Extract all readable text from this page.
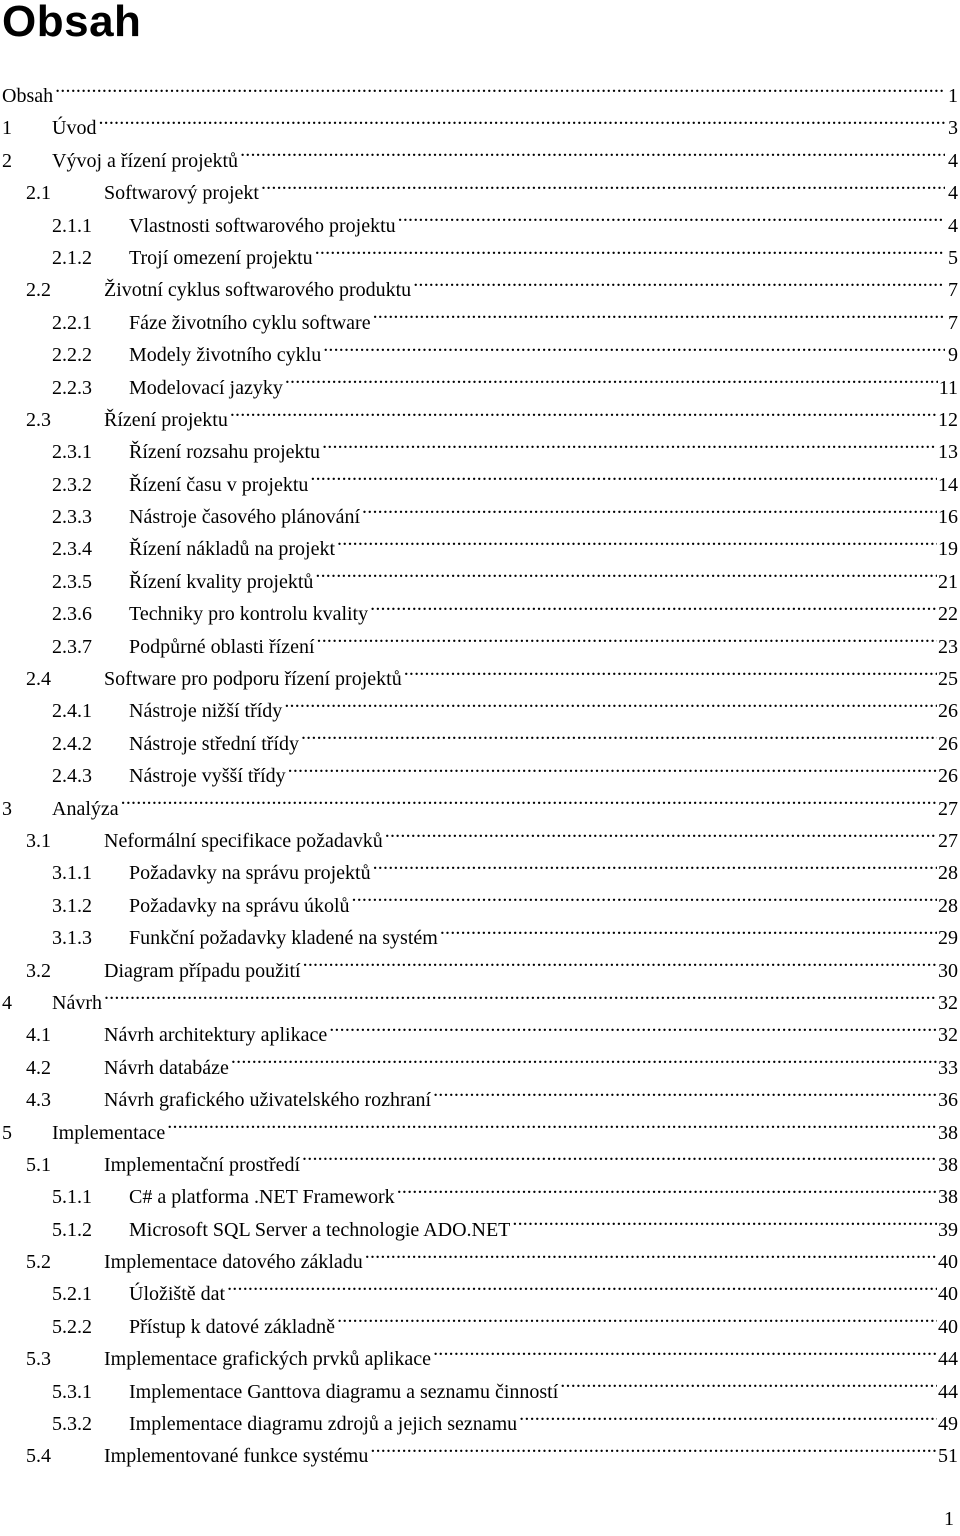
Obsah
Obsah .....	1
1	Úvod .....	3
2	Vývoj a řízení projektů .....	4
2.1	Softwarový projekt .....	4
2.1.1	Vlastnosti softwarového projektu .....	4
2.1.2	Trojí omezení projektu .....	5
2.2	Životní cyklus softwarového produktu .....	7
2.2.1	Fáze životního cyklu software .....	7
2.2.2	Modely životního cyklu .....	9
2.2.3	Modelovací jazyky .....	11
2.3	Řízení projektu .....	12
2.3.1	Řízení rozsahu projektu .....	13
2.3.2	Řízení času v projektu .....	14
2.3.3	Nástroje časového plánování .....	16
2.3.4	Řízení nákladů na projekt .....	19
2.3.5	Řízení kvality projektů .....	21
2.3.6	Techniky pro kontrolu kvality .....	22
2.3.7	Podpůrné oblasti řízení .....	23
2.4	Software pro podporu řízení projektů .....	25
2.4.1	Nástroje nižší třídy .....	26
2.4.2	Nástroje střední třídy .....	26
2.4.3	Nástroje vyšší třídy .....	26
3	Analýza .....	27
3.1	Neformální specifikace požadavků .....	27
3.1.1	Požadavky na správu projektů .....	28
3.1.2	Požadavky na správu úkolů .....	28
3.1.3	Funkční požadavky kladené na systém .....	29
3.2	Diagram případu použití .....	30
4	Návrh .....	32
4.1	Návrh architektury aplikace .....	32
4.2	Návrh databáze .....	33
4.3	Návrh grafického uživatelského rozhraní .....	36
5	Implementace .....	38
5.1	Implementační prostředí .....	38
5.1.1	C# a platforma .NET Framework .....	38
5.1.2	Microsoft SQL Server a technologie ADO.NET .....	39
5.2	Implementace datového základu .....	40
5.2.1	Úložiště dat .....	40
5.2.2	Přístup k datové základně .....	40
5.3	Implementace grafických prvků aplikace .....	44
5.3.1	Implementace Ganttova diagramu a seznamu činností .....	44
5.3.2	Implementace diagramu zdrojů a jejich seznamu .....	49
5.4	Implementované funkce systému .....	51
1
